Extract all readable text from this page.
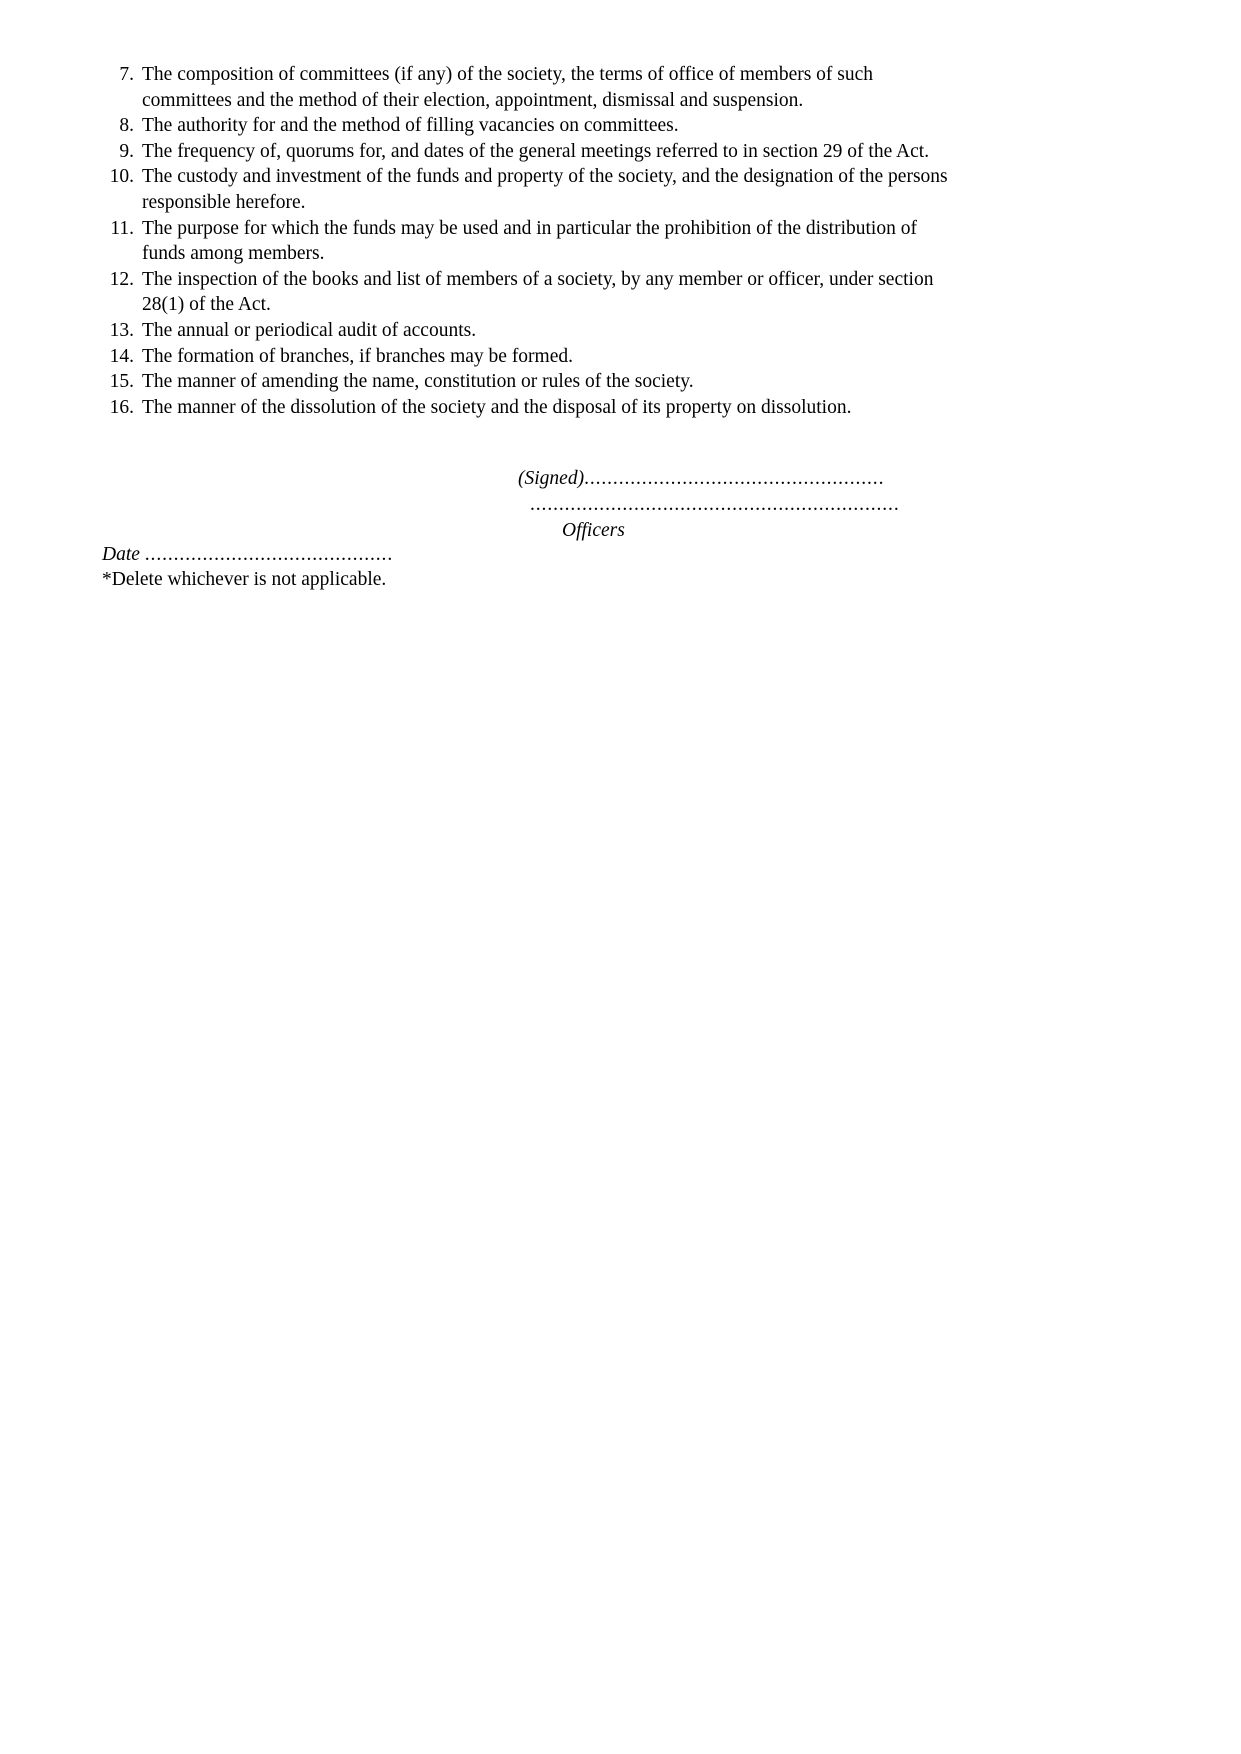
7. The composition of committees (if any) of the society, the terms of office of members of such committees and the method of their election, appointment, dismissal and suspension.
8. The authority for and the method of filling vacancies on committees.
9. The frequency of, quorums for, and dates of the general meetings referred to in section 29 of the Act.
10. The custody and investment of the funds and property of the society, and the designation of the persons responsible herefore.
11. The purpose for which the funds may be used and in particular the prohibition of the distribution of funds among members.
12. The inspection of the books and list of members of a society, by any member or officer, under section 28(1) of the Act.
13. The annual or periodical audit of accounts.
14. The formation of branches, if branches may be formed.
15. The manner of amending the name, constitution or rules of the society.
16. The manner of the dissolution of the society and the disposal of its property on dissolution.
(Signed) ....................................................
................................................................
Officers
Date ...........................................
*Delete whichever is not applicable.
